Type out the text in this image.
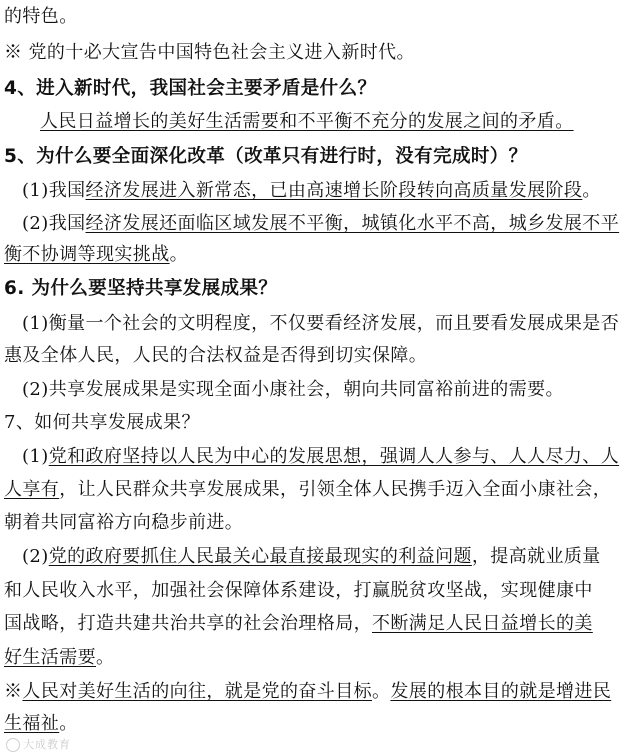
的特色。
※ 党的十必大宣告中国特色社会主义进入新时代。
4、进入新时代，我国社会主要矛盾是什么？
人民日益增长的美好生活需要和不平衡不充分的发展之间的矛盾。
5、为什么要全面深化改革（改革只有进行时，没有完成时）？
(1)我国经济发展进入新常态，已由高速增长阶段转向高质量发展阶段。
(2)我国经济发展还面临区域发展不平衡，城镇化水平不高，城乡发展不平
衡不协调等现实挑战。
6. 为什么要坚持共享发展成果？
(1)衡量一个社会的文明程度，不仅要看经济发展，而且要看发展成果是否
惠及全体人民，人民的合法权益是否得到切实保障。
(2)共享发展成果是实现全面小康社会，朝向共同富裕前进的需要。
7、如何共享发展成果？
(1)党和政府坚持以人民为中心的发展思想，强调人人参与、人人尽力、人
人享有，让人民群众共享发展成果，引领全体人民携手迈入全面小康社会，
朝着共同富裕方向稳步前进。
(2)党的政府要抓住人民最关心最直接最现实的利益问题，提高就业质量
和人民收入水平，加强社会保障体系建设，打赢脱贫攻坚战，实现健康中
国战略，打造共建共治共享的社会治理格局，不断满足人民日益增长的美
好生活需要。
※人民对美好生活的向往，就是党的奋斗目标。发展的根本目的就是增进民
生福祉。
大成教育
